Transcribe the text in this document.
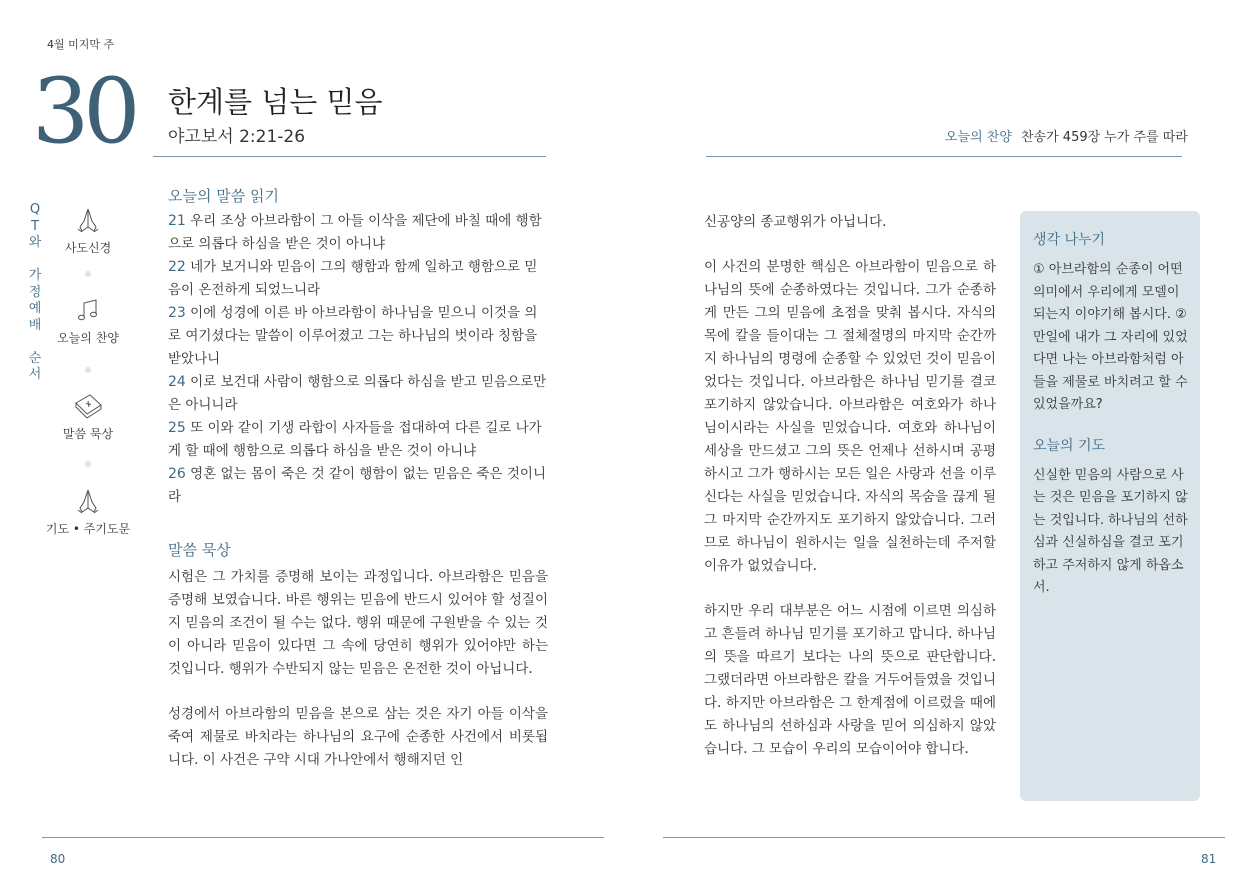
4월 미지막 주
30 한계를 넘는 믿음
야고보서 2:21-26	오늘의 찬양 찬송가 459장 누가 주를 따라
Q
T
와
가
정
예
배
순
서
사도신경
오늘의 찬양
말씀 묵상
기도 • 주기도문
오늘의 말씀 읽기
21 우리 조상 아브라함이 그 아들 이삭을 제단에 바칠 때에 행함으로 의롭다 하심을 받은 것이 아니냐
22 네가 보거니와 믿음이 그의 행함과 함께 일하고 행함으로 믿음이 온전하게 되었느니라
23 이에 성경에 이른 바 아브라함이 하나님을 믿으니 이것을 의로 여기셨다는 말씀이 이루어졌고 그는 하나님의 벗이라 칭함을 받았나니
24 이로 보건대 사람이 행함으로 의롭다 하심을 받고 믿음으로만은 아니니라
25 또 이와 같이 기생 라합이 사자들을 접대하여 다른 길로 나가게 할 때에 행함으로 의롭다 하심을 받은 것이 아니냐
26 영혼 없는 몸이 죽은 것 같이 행함이 없는 믿음은 죽은 것이니라
말씀 묵상

시험은 그 가치를 증명해 보이는 과정입니다. 아브라함은 믿음을 증명해 보였습니다. 바른 행위는 믿음에 반드시 있어야 할 성질이지 믿음의 조건이 될 수는 없다. 행위 때문에 구원받을 수 있는 것이 아니라 믿음이 있다면 그 속에 당연히 행위가 있어야만 하는 것입니다. 행위가 수반되지 않는 믿음은 온전한 것이 아닙니다.

성경에서 아브라함의 믿음을 본으로 삼는 것은 자기 아들 이삭을 죽여 제물로 바치라는 하나님의 요구에 순종한 사건에서 비롯됩니다. 이 사건은 구약 시대 가나안에서 행해지던 인

신공양의 종교행위가 아닙니다.

이 사건의 분명한 핵심은 아브라함이 믿음으로 하나님의 뜻에 순종하였다는 것입니다. 그가 순종하게 만든 그의 믿음에 초점을 맞춰 봅시다. 자식의 목에 칼을 들이대는 그 절체절명의 마지막 순간까지 하나님의 명령에 순종할 수 있었던 것이 믿음이었다는 것입니다. 아브라함은 하나님 믿기를 결코 포기하지 않았습니다. 아브라함은 여호와가 하나님이시라는 사실을 믿었습니다. 여호와 하나님이 세상을 만드셨고 그의 뜻은 언제나 선하시며 공평하시고 그가 행하시는 모든 일은 사랑과 선을 이루신다는 사실을 믿었습니다. 자식의 목숨을 끊게 될 그 마지막 순간까지도 포기하지 않았습니다. 그러므로 하나님이 원하시는 일을 실천하는데 주저할 이유가 없었습니다.

하지만 우리 대부분은 어느 시점에 이르면 의심하고 흔들려 하나님 믿기를 포기하고 맙니다. 하나님의 뜻을 따르기 보다는 나의 뜻으로 판단합니다. 그랬더라면 아브라함은 칼을 거두어들였을 것입니다. 하지만 아브라함은 그 한계점에 이르렀을 때에도 하나님의 선하심과 사랑을 믿어 의심하지 않았습니다. 그 모습이 우리의 모습이어야 합니다.

생각 나누기

① 아브라함의 순종이 어떤 의미에서 우리에게 모델이 되는지 이야기해 봅시다. ② 만일에 내가 그 자리에 있었다면 나는 아브라함처럼 아들을 제물로 바치려고 할 수 있었을까요?

오늘의 기도

신실한 믿음의 사람으로 사는 것은 믿음을 포기하지 않는 것입니다. 하나님의 선하심과 신실하심을 결코 포기하고 주저하지 않게 하옵소서.

80	81
